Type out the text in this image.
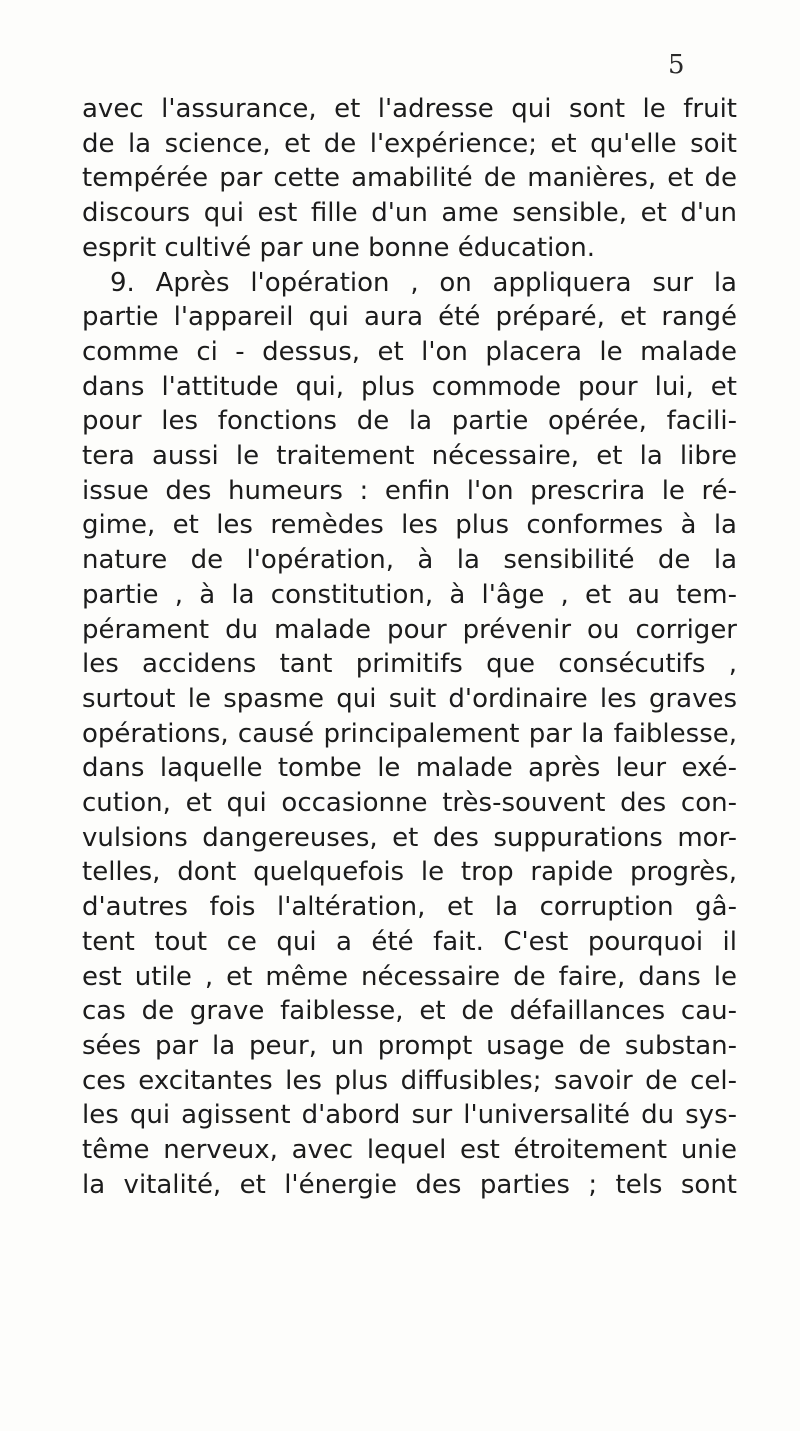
5
avec l'assurance, et l'adresse qui sont le fruit
de la science, et de l'expérience; et qu'elle soit
tempérée par cette amabilité de manières, et de
discours qui est fille d'un ame sensible, et d'un
esprit cultivé par une bonne éducation.
9. Après l'opération , on appliquera sur la
partie l'appareil qui aura été préparé, et rangé
comme ci - dessus, et l'on placera le malade
dans l'attitude qui, plus commode pour lui, et
pour les fonctions de la partie opérée, facili-
tera aussi le traitement nécessaire, et la libre
issue des humeurs : enfin l'on prescrira le ré-
gime, et les remèdes les plus conformes à la
nature de l'opération, à la sensibilité de la
partie , à la constitution, à l'âge , et au tem-
pérament du malade pour prévenir ou corriger
les accidens tant primitifs que consécutifs ,
surtout le spasme qui suit d'ordinaire les graves
opérations, causé principalement par la faiblesse,
dans laquelle tombe le malade après leur exé-
cution, et qui occasionne très-souvent des con-
vulsions dangereuses, et des suppurations mor-
telles, dont quelquefois le trop rapide progrès,
d'autres fois l'altération, et la corruption gâ-
tent tout ce qui a été fait. C'est pourquoi il
est utile , et même nécessaire de faire, dans le
cas de grave faiblesse, et de défaillances cau-
sées par la peur, un prompt usage de substan-
ces excitantes les plus diffusibles; savoir de cel-
les qui agissent d'abord sur l'universalité du sys-
tême nerveux, avec lequel est étroitement unie
la vitalité, et l'énergie des parties ; tels sont
